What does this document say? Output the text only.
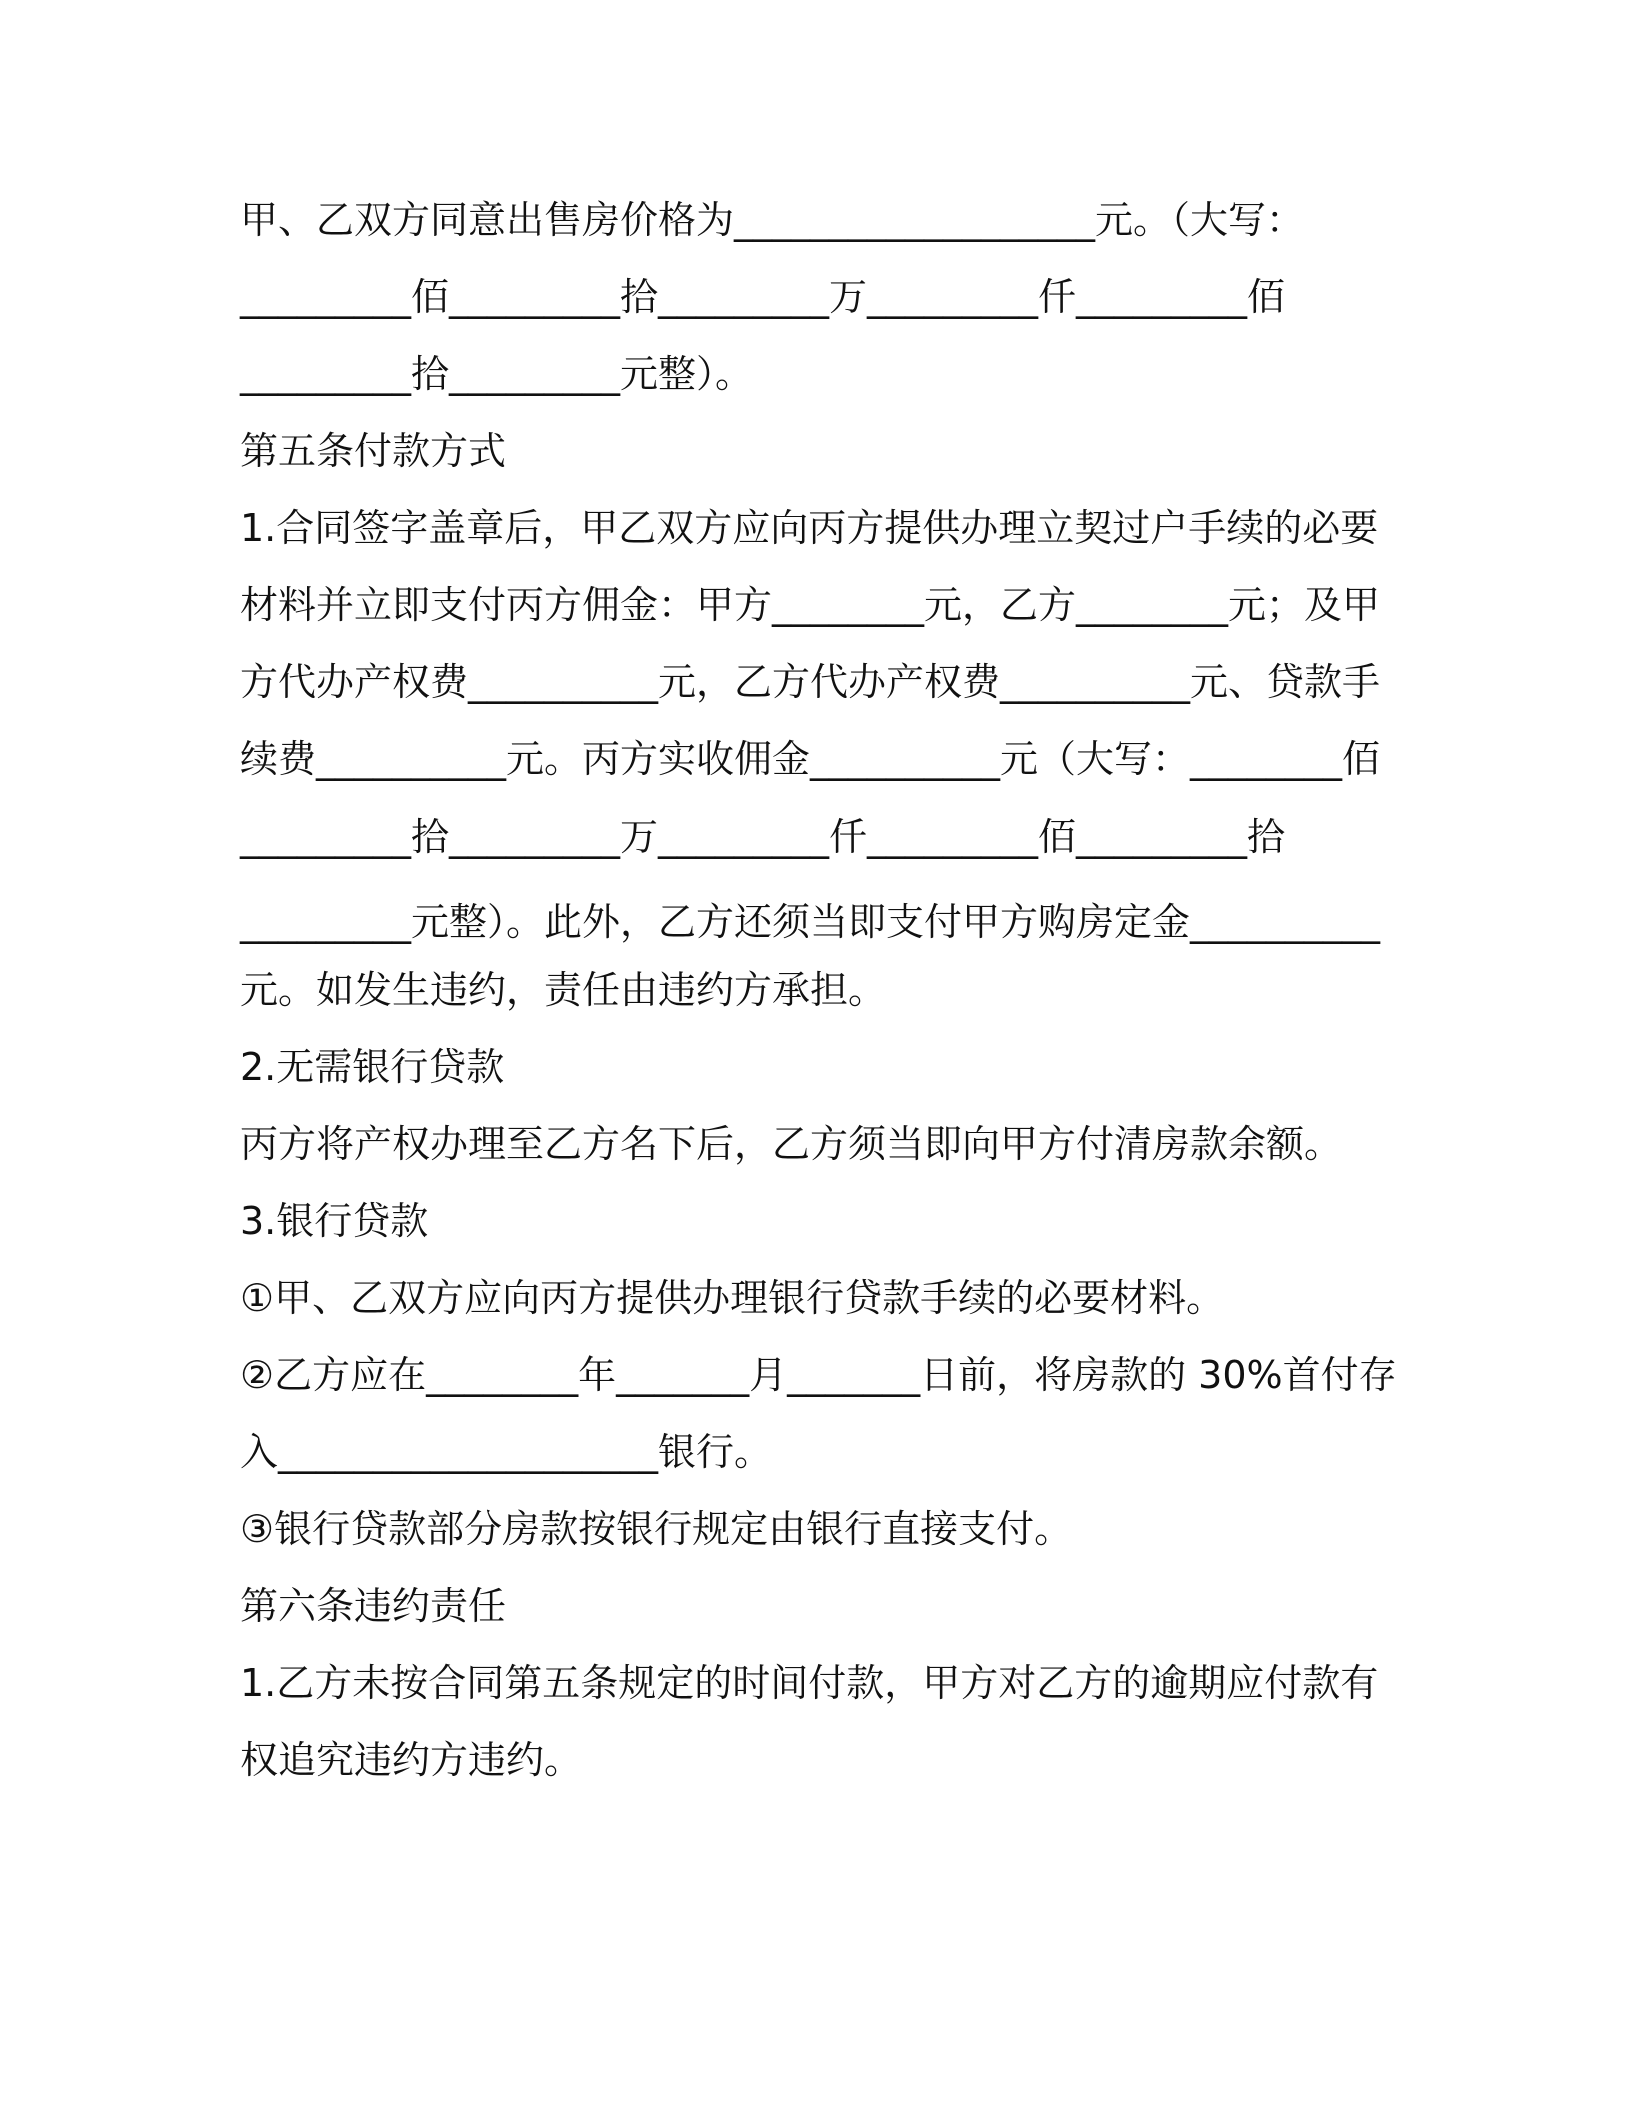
甲、乙双方同意出售房价格为___________________元。（大写：
_________佰_________拾_________万_________仟_________佰
_________拾_________元整）。
第五条付款方式
1.合同签字盖章后，甲乙双方应向丙方提供办理立契过户手续的必要
材料并立即支付丙方佣金：甲方________元，乙方________元；及甲
方代办产权费__________元，乙方代办产权费__________元、贷款手
续费__________元。丙方实收佣金__________元（大写：________佰
_________拾_________万_________仟_________佰_________拾
_________元整）。此外，乙方还须当即支付甲方购房定金__________
元。如发生违约，责任由违约方承担。
2.无需银行贷款
丙方将产权办理至乙方名下后，乙方须当即向甲方付清房款余额。
3.银行贷款
①甲、乙双方应向丙方提供办理银行贷款手续的必要材料。
②乙方应在________年_______月_______日前，将房款的 30%首付存
入____________________银行。
③银行贷款部分房款按银行规定由银行直接支付。
第六条违约责任
1.乙方未按合同第五条规定的时间付款，甲方对乙方的逾期应付款有
权追究违约方违约。
